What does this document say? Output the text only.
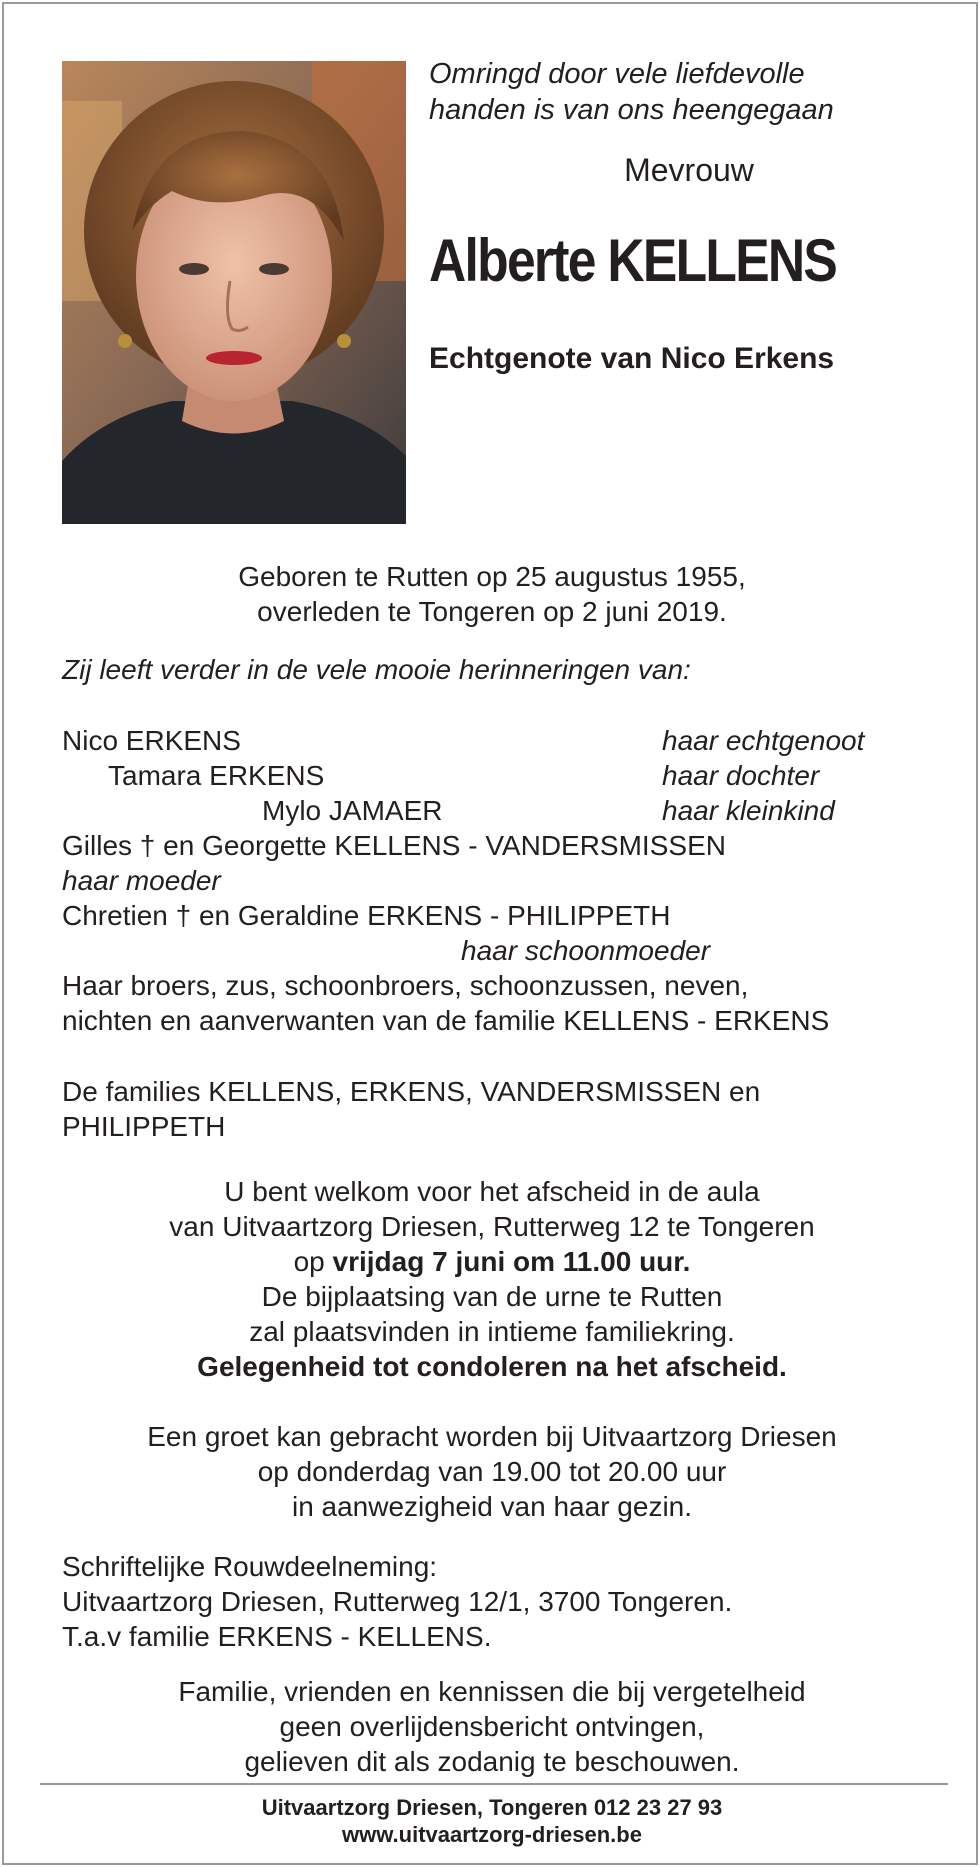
Omringd door vele liefdevolle
handen is van ons heengegaan
Mevrouw
Alberte KELLENS
Echtgenote van Nico Erkens
Geboren te Rutten op 25 augustus 1955,
overleden te Tongeren op 2 juni 2019.
Zij leeft verder in de vele mooie herinneringen van:
Nico ERKENS	haar echtgenoot
Tamara ERKENS	haar dochter
Mylo JAMAER	haar kleinkind
Gilles † en Georgette KELLENS - VANDERSMISSEN
haar moeder
Chretien † en Geraldine ERKENS - PHILIPPETH
haar schoonmoeder
Haar broers, zus, schoonbroers, schoonzussen, neven,
nichten en aanverwanten van de familie KELLENS - ERKENS
De families KELLENS, ERKENS, VANDERSMISSEN en
PHILIPPETH
U bent welkom voor het afscheid in de aula
van Uitvaartzorg Driesen, Rutterweg 12 te Tongeren
op vrijdag 7 juni om 11.00 uur.
De bijplaatsing van de urne te Rutten
zal plaatsvinden in intieme familiekring.
Gelegenheid tot condoleren na het afscheid.
Een groet kan gebracht worden bij Uitvaartzorg Driesen
op donderdag van 19.00 tot 20.00 uur
in aanwezigheid van haar gezin.
Schriftelijke Rouwdeelneming:
Uitvaartzorg Driesen, Rutterweg 12/1, 3700 Tongeren.
T.a.v familie ERKENS - KELLENS.
Familie, vrienden en kennissen die bij vergetelheid
geen overlijdensbericht ontvingen,
gelieven dit als zodanig te beschouwen.
Uitvaartzorg Driesen, Tongeren 012 23 27 93
www.uitvaartzorg-driesen.be
